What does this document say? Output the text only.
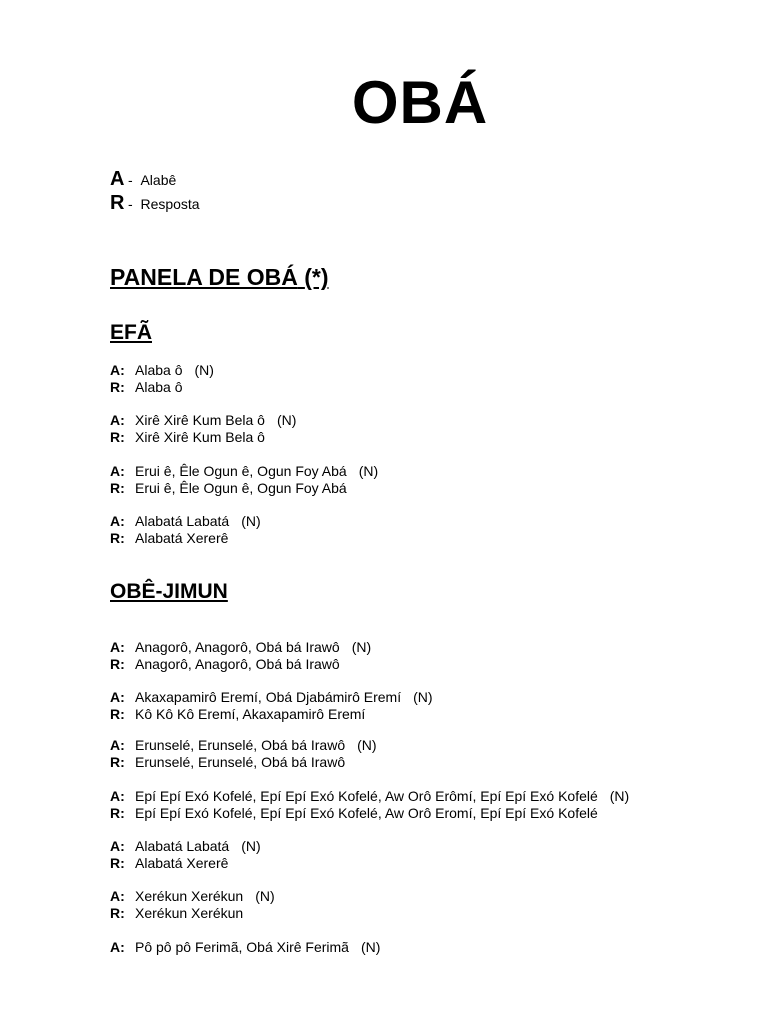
OBÁ
A - Alabê
R - Resposta
PANELA DE OBÁ (*)
EFÃ
A: Alaba ô (N)
R: Alaba ô
A: Xirê Xirê Kum Bela ô (N)
R: Xirê Xirê Kum Bela ô
A: Erui ê, Êle Ogun ê, Ogun Foy Abá (N)
R: Erui ê, Êle Ogun ê, Ogun Foy Abá
A: Alabatá Labatá (N)
R: Alabatá Xererê
OBÊ-JIMUN
A: Anagorô, Anagorô, Obá bá Irawô (N)
R: Anagorô, Anagorô, Obá bá Irawô
A: Akaxapamirô Eremí, Obá Djabámirô Eremí (N)
R: Kô Kô Kô Eremí, Akaxapamirô Eremí
A: Erunselé, Erunselé, Obá bá Irawô (N)
R: Erunselé, Erunselé, Obá bá Irawô
A: Epí Epí Exó Kofelé, Epí Epí Exó Kofelé, Aw Orô Erômí, Epí Epí Exó Kofelé (N)
R: Epí Epí Exó Kofelé, Epí Epí Exó Kofelé, Aw Orô Eromí, Epí Epí Exó Kofelé
A: Alabatá Labatá (N)
R: Alabatá Xererê
A: Xerékun Xerékun (N)
R: Xerékun Xerékun
A: Pô pô pô Ferimã, Obá Xirê Ferimã (N)
